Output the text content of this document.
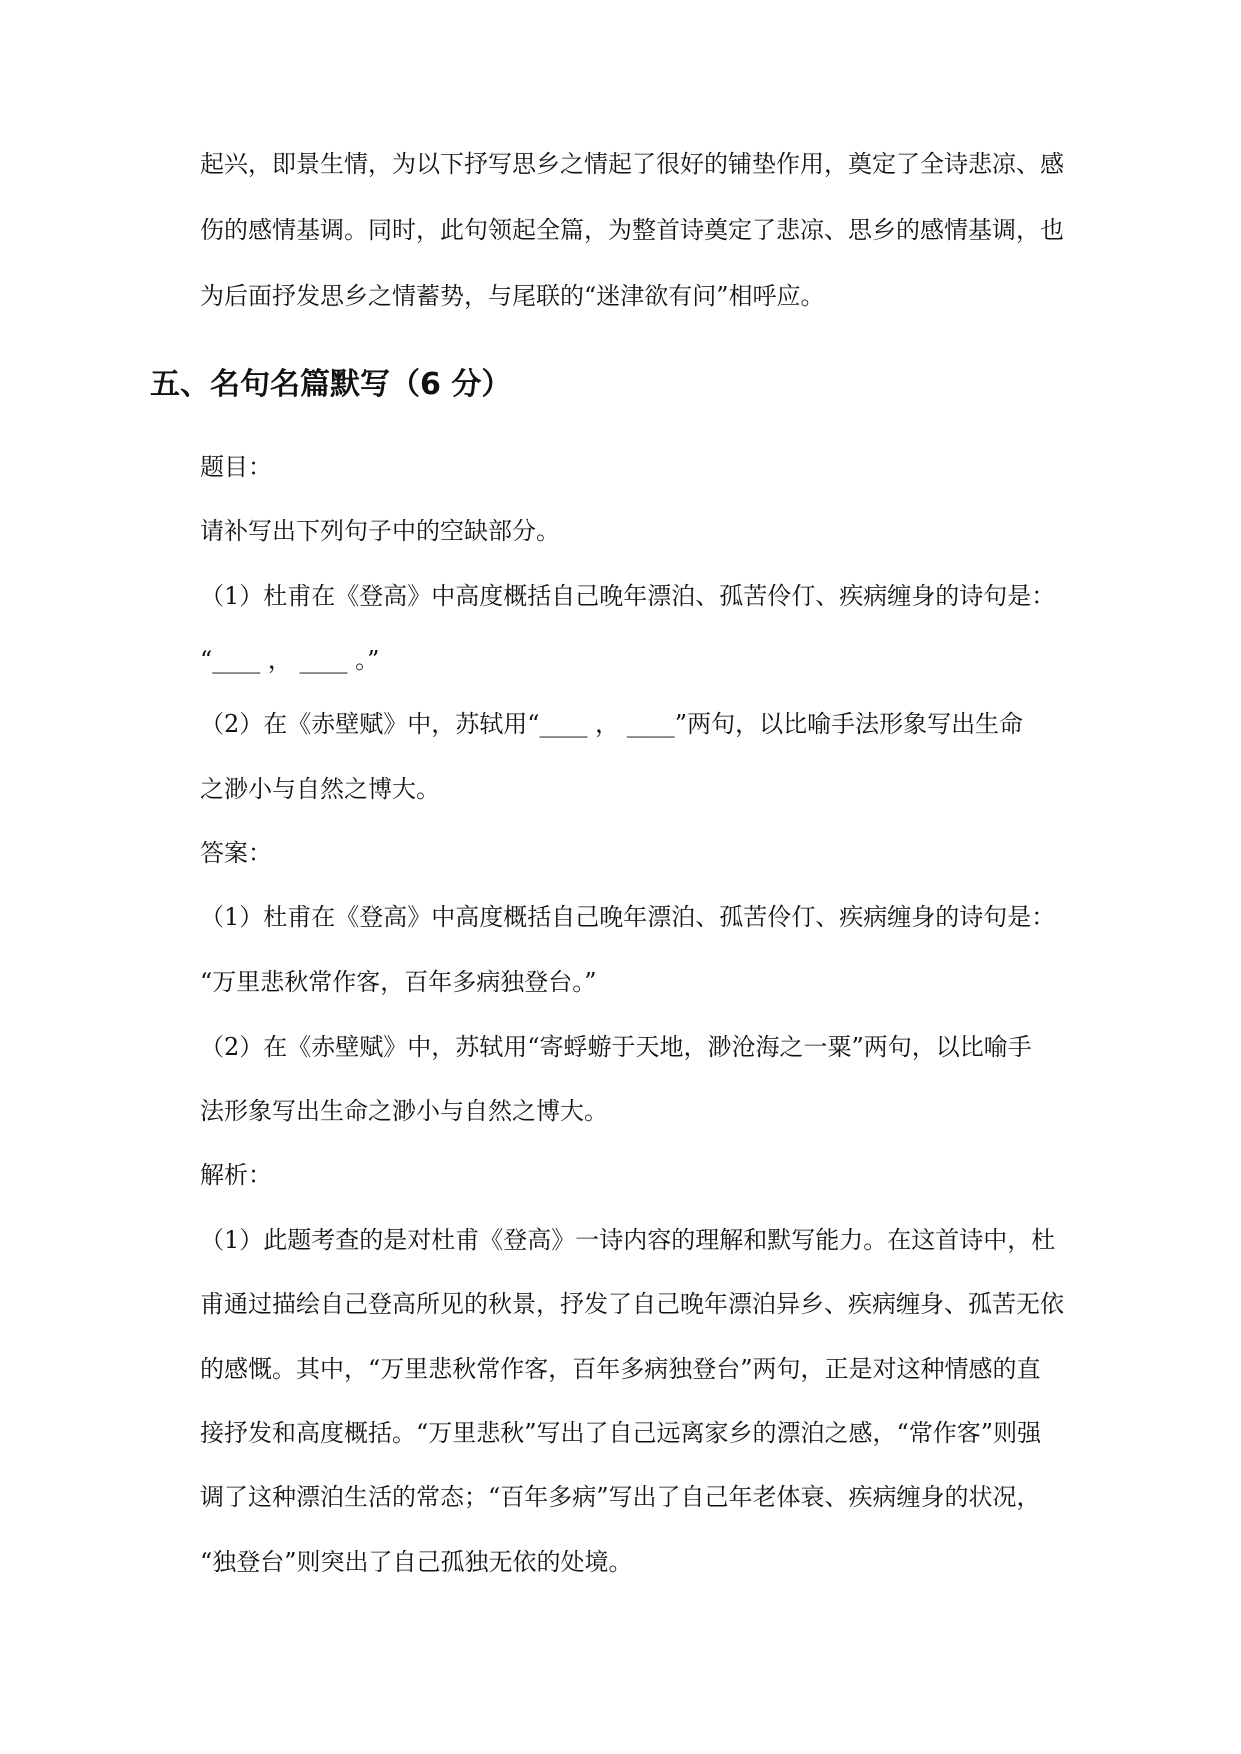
起兴，即景生情，为以下抒写思乡之情起了很好的铺垫作用，奠定了全诗悲凉、感
伤的感情基调。同时，此句领起全篇，为整首诗奠定了悲凉、思乡的感情基调，也
为后面抒发思乡之情蓄势，与尾联的“迷津欲有问”相呼应。
五、名句名篇默写（6 分）
题目：
请补写出下列句子中的空缺部分。
（1）杜甫在《登高》中高度概括自己晚年漂泊、孤苦伶仃、疾病缠身的诗句是：
“____ ， ____ 。”
（2）在《赤壁赋》中，苏轼用“____ ， ____”两句，以比喻手法形象写出生命
之渺小与自然之博大。
答案：
（1）杜甫在《登高》中高度概括自己晚年漂泊、孤苦伶仃、疾病缠身的诗句是：
“万里悲秋常作客，百年多病独登台。”
（2）在《赤壁赋》中，苏轼用“寄蜉蝣于天地，渺沧海之一粟”两句，以比喻手
法形象写出生命之渺小与自然之博大。
解析：
（1）此题考查的是对杜甫《登高》一诗内容的理解和默写能力。在这首诗中，杜
甫通过描绘自己登高所见的秋景，抒发了自己晚年漂泊异乡、疾病缠身、孤苦无依
的感慨。其中，“万里悲秋常作客，百年多病独登台”两句，正是对这种情感的直
接抒发和高度概括。“万里悲秋”写出了自己远离家乡的漂泊之感，“常作客”则强
调了这种漂泊生活的常态；“百年多病”写出了自己年老体衰、疾病缠身的状况，
“独登台”则突出了自己孤独无依的处境。
